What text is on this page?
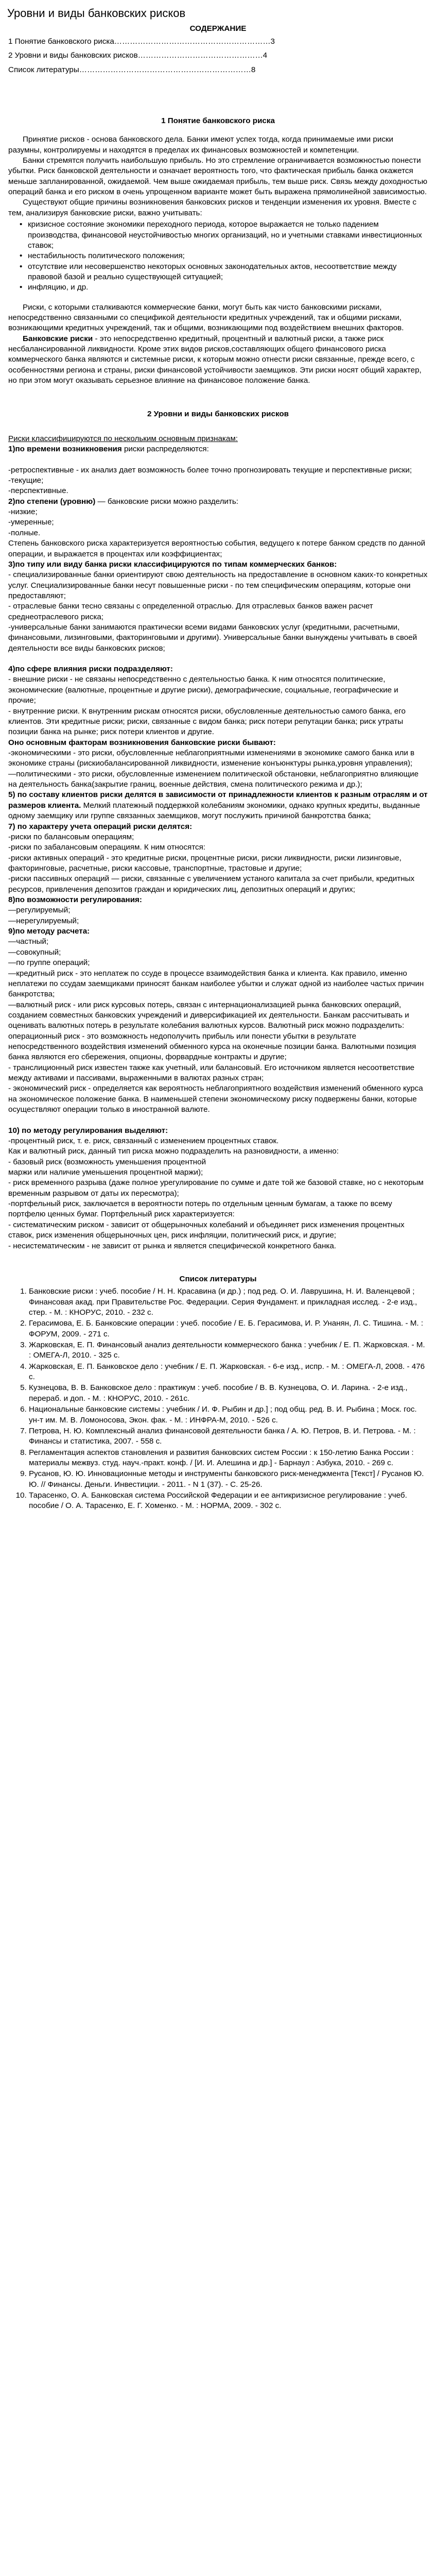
Уровни и виды банковских рисков

СОДЕРЖАНИЕ

1 Понятие банковского риска……………………………………………………3

2 Уровни и виды банковских рисков…………………………………………4

Список литературы…………………………………………………………8

1 Понятие банковского риска

Принятие рисков - основа банковского дела. Банки имеют успех тогда, когда принимаемые ими риски разумны, контролируемы и находятся в пределах их финансовых возможностей и компетенции.

Банки стремятся получить наибольшую прибыль. Но это стремление ограничивается возможностью понести убытки. Риск банковской деятельности и означает вероятность того, что фактическая прибыль банка окажется меньше запланированной, ожидаемой. Чем выше ожидаемая прибыль, тем выше риск. Связь между доходностью операций банка и его риском в очень упрощенном варианте может быть выражена прямолинейной зависимостью.

Существуют общие причины возникновения банковских рисков и тенденции изменения их уровня. Вместе с тем, анализируя банковские риски, важно учитывать:

• кризисное состояние экономики переходного периода, которое выражается не только падением производства, финансовой неустойчивостью многих организаций, но и учетными ставками инвестиционных ставок;
• нестабильность политического положения;
• отсутствие или несовершенство некоторых основных законодательных актов, несоответствие между правовой базой и реально существующей ситуацией;
• инфляцию, и др.

Риски, с которыми сталкиваются коммерческие банки, могут быть как чисто банковскими рисками, непосредственно связанными со спецификой деятельности кредитных учреждений, так и общими рисками, возникающими кредитных учреждений, так и общими, возникающими под воздействием внешних факторов.

Банковские риски - это непосредственно кредитный, процентный и валютный риски, а также риск несбалансированной ликвидности. Кроме этих видов рисков,составляющих общего финансового риска коммерческого банка являются и системные риски, к которым можно отнести риски связанные, прежде всего, с особенностями региона и страны, риски финансовой устойчивости заемщиков. Эти риски носят общий характер, но при этом могут оказывать серьезное влияние на финансовое положение банка.

2 Уровни и виды банковских рисков

Риски классифицируются по нескольким основным признакам:

1)по времени возникновения риски распределяются:

-ретроспективные - их анализ дает возможность более точно прогнозировать текущие и перспективные риски;

-текущие;

-перспективные.

2)по степени (уровню) — банковские риски можно разделить:

-низкие;

-умеренные;

-полные.

Степень банковского риска характеризуется вероятностью события, ведущего к потере банком средств по данной операции, и выражается в процентах или коэффициентах;

3)по типу или виду банка риски классифицируются по типам коммерческих банков:

- специализированные банки ориентируют свою деятельность на предоставление в основном каких-то конкретных услуг. Специализированные банки несут повышенные риски - по тем специфическим операциям, которые они предоставляют;

- отраслевые банки тесно связаны с определенной отраслью. Для отраслевых банков важен расчет среднеотраслевого риска;

-универсальные банки занимаются практически всеми видами банковских услуг (кредитными, расчетными, финансовыми, лизинговыми, факторинговыми и другими). Универсальные банки вынуждены учитывать в своей деятельности все виды банковских рисков;

4)по сфере влияния риски подразделяют:

- внешние риски - не связаны непосредственно с деятельностью банка. К ним относятся политические, экономические (валютные, процентные и другие риски), демографические, социальные, географические и прочие;

- внутренние риски. К внутренним рискам относятся риски, обусловленные деятельностью самого банка, его клиентов. Эти кредитные риски; риски, связанные с видом банка; риск потери репутации банка; риск утраты позиции банка на рынке; риск потери клиентов и другие.

Оно основным факторам возникновения банковские риски бывают:

-экономическими - это риски, обусловленные неблагоприятными изменениями в экономике самого банка или в экономике страны (рискиобалансированной ликвидности, изменение конъюнктуры рынка,уровня управления);

—политическими - это риски, обусловленные изменением политической обстановки, неблагоприятно влияющие на деятельность банка(закрытие границ, военные действия, смена политического режима и др.);

5) по составу клиентов риски делятся в зависимости от принадлежности клиентов к разным отраслям и от размеров клиента. Мелкий платежный поддержкой колебаниям экономики, однако крупных кредиты, выданные одному заемщику или группе связанных заемщиков, могут послужить причиной банкротства банка;

7) по характеру учета операций риски делятся:

-риски по балансовым операциям;

-риски по забалансовым операциям. К ним относятся:

-риски активных операций - это кредитные риски, процентные риски, риски ликвидности, риски лизинговые, факторинговые, расчетные, риски кассовые, транспортные, трастовые и другие;

-риски пассивных операций — риски, связанные с увеличением устаного капитала за счет прибыли, кредитных ресурсов, привлечения депозитов граждан и юридических лиц, депозитных операций и других;

8)по возможности регулирования:

—регулируемый;

—нерегулируемый;

9)по методу расчета:

—частный;

—совокупный;

—по группе операций;

—кредитный риск - это неплатеж по ссуде в процессе взаимодействия банка и клиента. Как правило, именно неплатежи по ссудам заемщиками приносят банкам наиболее убытки и служат одной из наиболее частых причин банкротства;

—валютный риск - или риск курсовых потерь, связан с интернационализацией рынка банковских операций, созданием совместных банковских учреждений и диверсификацией их деятельности. Банкам рассчитывать и оценивать валютных потерь в результате колебания валютных курсов. Валютный риск можно подразделить:

операционный риск - это возможность недополучить прибыль или понести убытки в результате непосредственного воздействия изменений обменного курса на оконечные позиции банка. Валютными позиция банка являются его сбережения, опционы, форвардные контракты и другие;

- транслиционный риск известен также как учетный, или балансовый. Его источником является несоответствие между активами и пассивами, выраженными в валютах разных стран;

- экономический риск - определяется как вероятность неблагоприятного воздействия изменений обменного курса на экономическое положение банка. В наименьшей степени экономическому риску подвержены банки, которые осуществляют операции только в иностранной валюте.

10) по методу регулирования выделяют:

-процентный риск, т. е. риск, связанный с изменением процентных ставок.

Как и валютный риск, данный тип риска можно подразделить на разновидности, а именно:

- базовый риск (возможность уменьшения процентной

маржи или наличие уменьшения процентной маржи);

- риск временного разрыва (даже полное урегулирование по сумме и дате той же базовой ставке, но с некоторым временным разрывом от даты их пересмотра);

-портфельный риск, заключается в вероятности потерь по отдельным ценным бумагам, а также по всему портфелю ценных бумаг. Портфельный риск характеризуется:

- систематическим риском - зависит от общерыночных колебаний и объединяет риск изменения процентных ставок, риск изменения общерыночных цен, риск инфляции, политический риск, и другие;

- несистематическим - не зависит от рынка и является специфической конкретного банка.

Список литературы

1. Банковские риски : учеб. пособие / Н. Н. Красавина (и др.) ; под ред. О. И. Лаврушина, Н. И. Валенцевой ; Финансовая акад. при Правительстве Рос. Федерации. Серия Фундамент. и прикладная исслед. - 2-е изд., стер. - М. : КНОРУС, 2010. - 232 с.
2. Герасимова, Е. Б. Банковские операции : учеб. пособие / Е. Б. Герасимова, И. Р. Унанян, Л. С. Тишина. - М. : ФОРУМ, 2009. - 271 с.
3. Жарковская, Е. П. Финансовый анализ деятельности коммерческого банка : учебник / Е. П. Жарковская. - М. : ОМЕГА-Л, 2010. - 325 с.
4. Жарковская, Е. П. Банковское дело : учебник / Е. П. Жарковская. - 6-е изд., испр. - М. : ОМЕГА-Л, 2008. - 476 с.
5. Кузнецова, В. В. Банковское дело : практикум : учеб. пособие / В. В. Кузнецова, О. И. Ларина. - 2-е изд., перераб. и доп. - М. : КНОРУС, 2010. - 261с.
6. Национальные банковские системы : учебник / И. Ф. Рыбин и др.] ; под общ. ред. В. И. Рыбина ; Моск. гос. ун-т им. М. В. Ломоносова, Экон. фак. - М. : ИНФРА-М, 2010. - 526 с.
7. Петрова, Н. Ю. Комплексный анализ финансовой деятельности банка / А. Ю. Петров, В. И. Петрова. - М. : Финансы и статистика, 2007. - 558 с.
8. Регламентация аспектов становления и развития банковских систем России : к 150-летию Банка России : материалы межвуз. студ. науч.-практ. конф. / [И. И. Алешина и др.] - Барнаул : Азбука, 2010. - 269 с.
9. Русанов, Ю. Ю. Инновационные методы и инструменты банковского риск-менеджмента [Текст] / Русанов Ю. Ю. // Финансы. Деньги. Инвестиции. - 2011. - N 1 (37). - С. 25-26.
10. Тарасенко, О. А. Банковская система Российской Федерации и ее антикризисное регулирование : учеб. пособие / О. А. Тарасенко, Е. Г. Хоменко. - М. : НОРМА, 2009. - 302 с.
